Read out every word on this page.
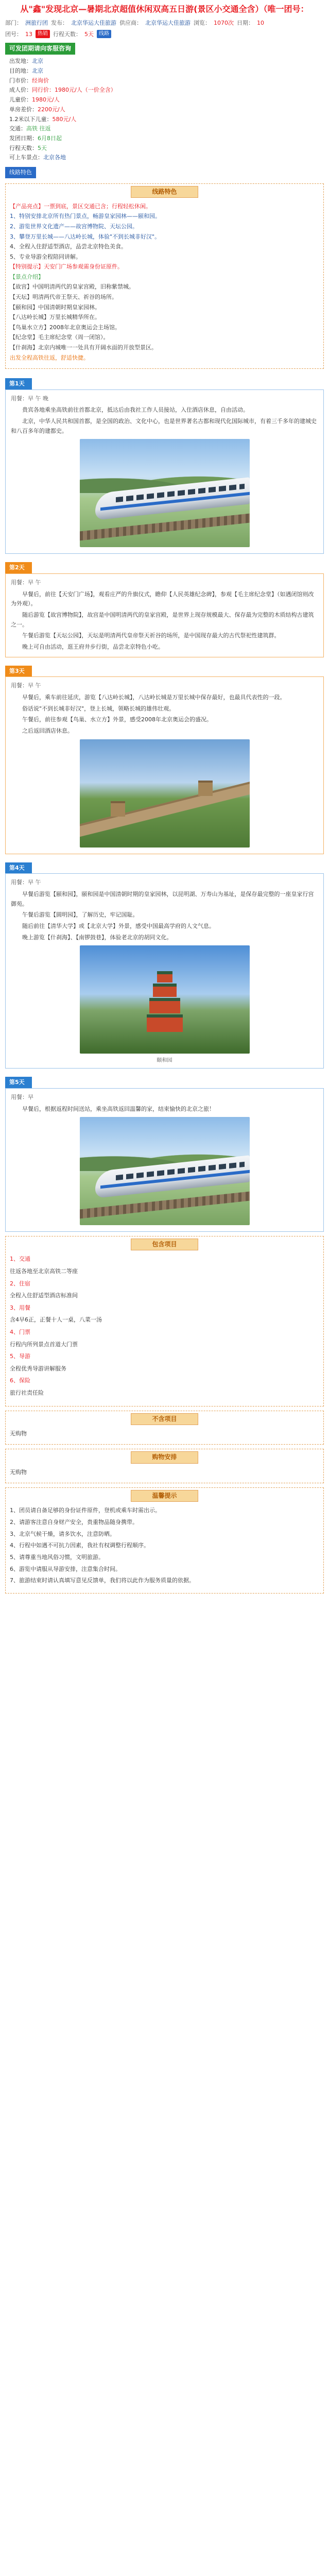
从"鑫"发现北京—暑期北京超值休闲双高五日游(景区小交通全含）（唯一团号：
部门： 洲旅行团 发布： 北京华运大佳旅游 供应商： 北京华运大佳旅游 浏览： 1070次 日期： 10
团号： 13	热销 行程天数： 5天	线路
可发团期请向客服咨询
出发地：北京
目的地：北京
门市价：经询价
成人价：同行价：1980元/人（一价全含）
儿童价：1980元/人
单房差价：2200元/人
1.2米以下儿童：580元/人
交通：高铁 往返
发团日期：6月8日起
行程天数：5天
可上车景点：北京各地
线路特色
线路特色

【产品亮点】一票到底，景区交通已含；行程轻松休闲。

1、特别安排北京所有热门景点，畅游皇家园林——颐和园。

2、游览世界文化遗产——故宫博物院、天坛公园。

3、攀登万里长城——八达岭长城，体验"不到长城非好汉"。

4、全程入住舒适型酒店，品尝北京特色美食。

5、专业导游全程陪同讲解。

【特别提示】天安门广场参观需身份证原件。

【景点介绍】

【故宫】中国明清两代的皇家宫殿，旧称紫禁城。

【天坛】明清两代帝王祭天、祈谷的场所。

【颐和园】中国清朝时期皇家园林。

【八达岭长城】万里长城精华所在。

【鸟巢水立方】2008年北京奥运会主场馆。

【纪念堂】毛主席纪念堂（周一闭馆）。

【什刹海】北京内城唯一一处具有开阔水面的开放型景区。

出发全程高铁往返，舒适快捷。

第1天
用餐：早 午 晚

贵宾各地乘坐高铁前往首都北京，抵达后由我社工作人员接站，入住酒店休息，自由活动。

北京，中华人民共和国首都，是全国的政治、文化中心，也是世界著名古都和现代化国际城市，有着三千多年的建城史和八百多年的建都史。

第2天
用餐：早 午

早餐后，前往【天安门广场】，观看庄严的升旗仪式，瞻仰【人民英雄纪念碑】，参观【毛主席纪念堂】（如遇闭馆则改为外观）。

随后游览【故宫博物院】，故宫是中国明清两代的皇家宫殿，是世界上现存规模最大、保存最为完整的木质结构古建筑之一。

午餐后游览【天坛公园】，天坛是明清两代皇帝祭天祈谷的场所，是中国现存最大的古代祭祀性建筑群。

晚上可自由活动，逛王府井步行街，品尝北京特色小吃。

第3天
用餐：早 午

早餐后，乘车前往延庆，游览【八达岭长城】，八达岭长城是万里长城中保存最好，也最具代表性的一段。

俗话说"不到长城非好汉"，登上长城，领略长城的雄伟壮观。

午餐后，前往参观【鸟巢、水立方】外景，感受2008年北京奥运会的盛况。

之后返回酒店休息。

第4天
用餐：早 午

早餐后游览【颐和园】，颐和园是中国清朝时期的皇家园林，以昆明湖、万寿山为基址，是保存最完整的一座皇家行宫御苑。

午餐后游览【圆明园】，了解历史，牢记国耻。

随后前往【清华大学】或【北京大学】外景，感受中国最高学府的人文气息。

晚上游览【什刹海】、【南锣鼓巷】，体验老北京的胡同文化。

颐和园
第5天
用餐：早

早餐后，根据返程时间送站，乘坐高铁返回温馨的家，结束愉快的北京之旅！

包含项目

1、交通

往返各地至北京高铁二等座

2、住宿

全程入住舒适型酒店标准间

3、用餐

含4早6正，正餐十人一桌，八菜一汤

4、门票

行程内所列景点首道大门票

5、导游

全程优秀导游讲解服务

6、保险

旅行社责任险

不含项目

无购物

购物安排

无购物

温馨提示

1、团员请自备足够的身份证件原件，登机或乘车时需出示。

2、请游客注意自身财产安全，贵重物品随身携带。

3、北京气候干燥，请多饮水，注意防晒。

4、行程中如遇不可抗力因素，我社有权调整行程顺序。

5、请尊重当地风俗习惯，文明旅游。

6、游览中请服从导游安排，注意集合时间。

7、旅游结束时请认真填写意见反馈单，我们将以此作为服务质量的依据。
